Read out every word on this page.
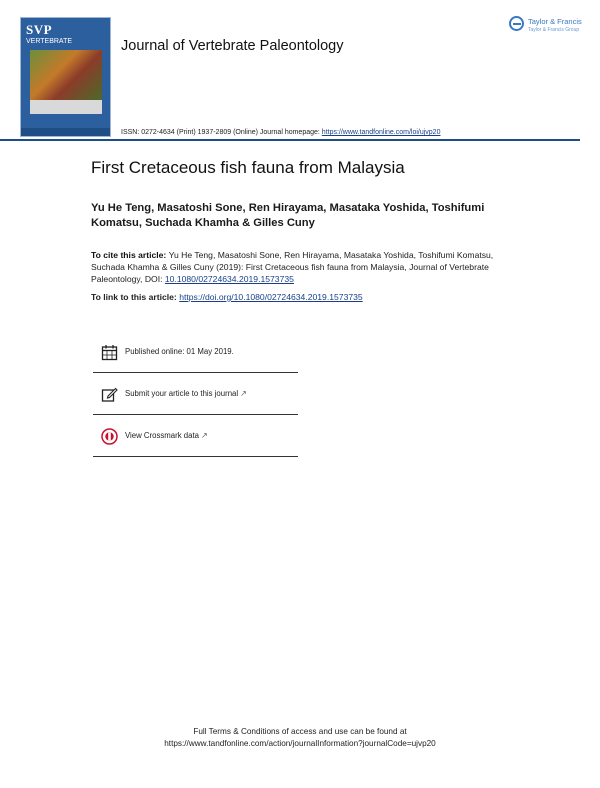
SVP
VERTEBRATE	Journal of Vertebrate Paleontology
Taylor & Francis
Taylor & Francis Group
ISSN: 0272-4634 (Print) 1937-2809 (Online) Journal homepage: https://www.tandfonline.com/loi/ujvp20
First Cretaceous fish fauna from Malaysia
Yu He Teng, Masatoshi Sone, Ren Hirayama, Masataka Yoshida, Toshifumi Komatsu, Suchada Khamha & Gilles Cuny
To cite this article: Yu He Teng, Masatoshi Sone, Ren Hirayama, Masataka Yoshida, Toshifumi Komatsu, Suchada Khamha & Gilles Cuny (2019): First Cretaceous fish fauna from Malaysia, Journal of Vertebrate Paleontology, DOI: 10.1080/02724634.2019.1573735
To link to this article: https://doi.org/10.1080/02724634.2019.1573735
Published online: 01 May 2019.
Submit your article to this journal ↗
View Crossmark data ↗
Full Terms & Conditions of access and use can be found at
https://www.tandfonline.com/action/journalInformation?journalCode=ujvp20
